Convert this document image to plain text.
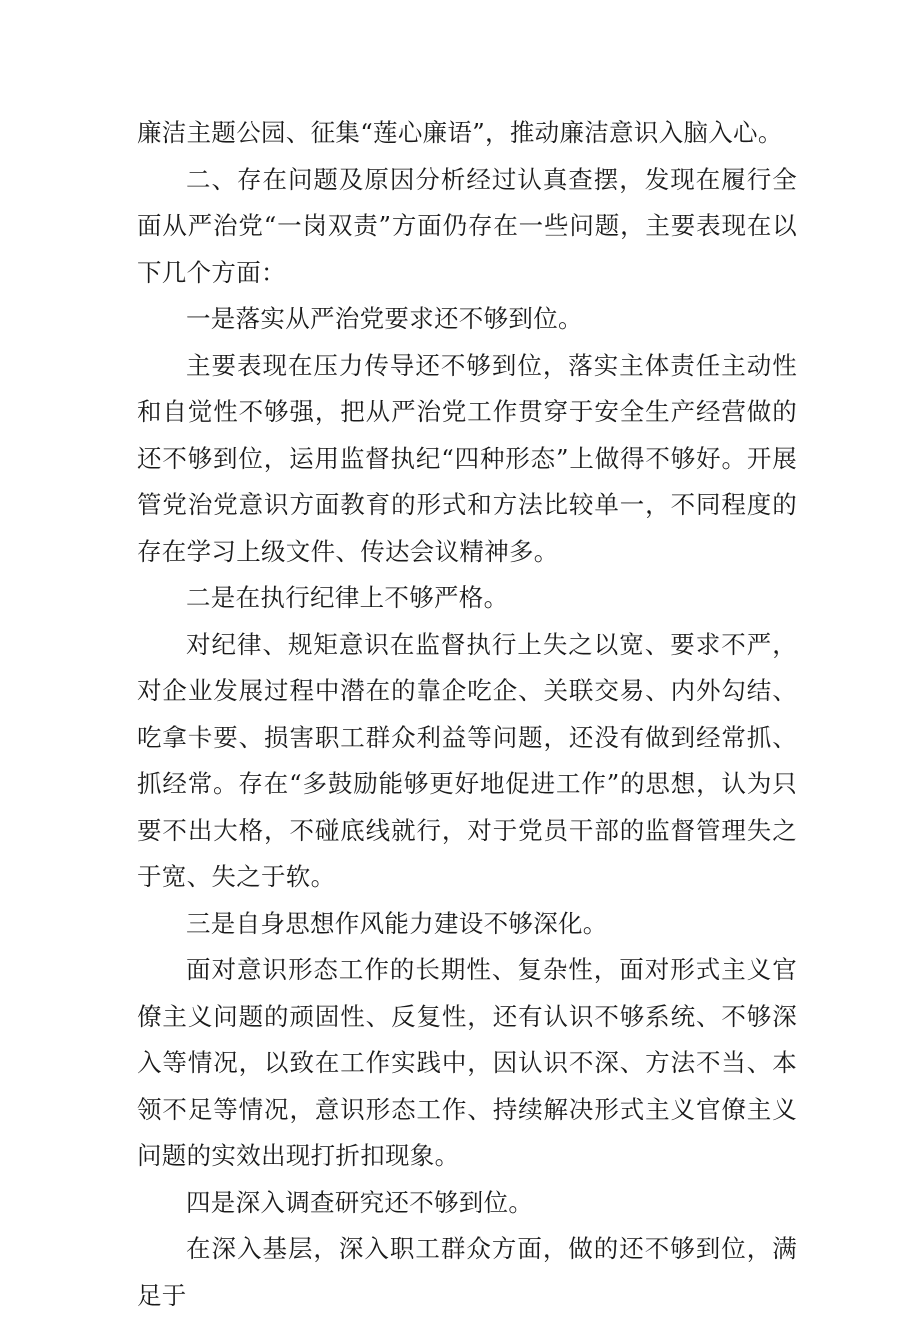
廉洁主题公园、征集“莲心廉语”，推动廉洁意识入脑入心。

二、存在问题及原因分析经过认真查摆，发现在履行全面从严治党“一岗双责”方面仍存在一些问题，主要表现在以下几个方面：

一是落实从严治党要求还不够到位。

主要表现在压力传导还不够到位，落实主体责任主动性和自觉性不够强，把从严治党工作贯穿于安全生产经营做的还不够到位，运用监督执纪“四种形态”上做得不够好。开展管党治党意识方面教育的形式和方法比较单一，不同程度的存在学习上级文件、传达会议精神多。

二是在执行纪律上不够严格。

对纪律、规矩意识在监督执行上失之以宽、要求不严，对企业发展过程中潜在的靠企吃企、关联交易、内外勾结、吃拿卡要、损害职工群众利益等问题，还没有做到经常抓、抓经常。存在“多鼓励能够更好地促进工作”的思想，认为只要不出大格，不碰底线就行，对于党员干部的监督管理失之于宽、失之于软。

三是自身思想作风能力建设不够深化。

面对意识形态工作的长期性、复杂性，面对形式主义官僚主义问题的顽固性、反复性，还有认识不够系统、不够深入等情况，以致在工作实践中，因认识不深、方法不当、本领不足等情况，意识形态工作、持续解决形式主义官僚主义问题的实效出现打折扣现象。

四是深入调查研究还不够到位。

在深入基层，深入职工群众方面，做的还不够到位，满足于
